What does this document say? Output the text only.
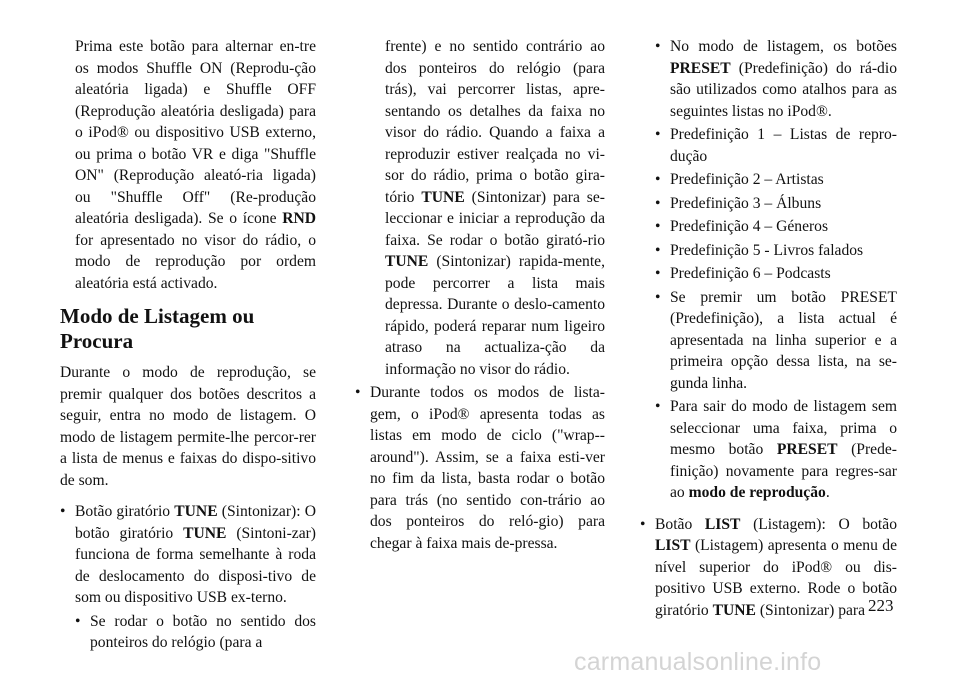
Prima este botão para alternar en-tre os modos Shuffle ON (Reprodu-ção aleatória ligada) e Shuffle OFF (Reprodução aleatória desligada) para o iPod® ou dispositivo USB externo, ou prima o botão VR e diga "Shuffle ON" (Reprodução aleató-ria ligada) ou "Shuffle Off" (Re-produção aleatória desligada). Se o ícone RND for apresentado no visor do rádio, o modo de reprodução por ordem aleatória está activado.

Modo de Listagem ou Procura

Durante o modo de reprodução, se premir qualquer dos botões descritos a seguir, entra no modo de listagem. O modo de listagem permite-lhe percor-rer a lista de menus e faixas do dispo-sitivo de som.

• Botão giratório TUNE (Sintonizar): O botão giratório TUNE (Sintoni-zar) funciona de forma semelhante à roda de deslocamento do disposi-tivo de som ou dispositivo USB ex-terno.

• Se rodar o botão no sentido dos ponteiros do relógio (para a

frente) e no sentido contrário ao dos ponteiros do relógio (para trás), vai percorrer listas, apre-sentando os detalhes da faixa no visor do rádio. Quando a faixa a reproduzir estiver realçada no vi-sor do rádio, prima o botão gira-tório TUNE (Sintonizar) para se-leccionar e iniciar a reprodução da faixa. Se rodar o botão girató-rio TUNE (Sintonizar) rapida-mente, pode percorrer a lista mais depressa. Durante o deslo-camento rápido, poderá reparar num ligeiro atraso na actualiza-ção da informação no visor do rádio.

• Durante todos os modos de lista-gem, o iPod® apresenta todas as listas em modo de ciclo ("wrap--around"). Assim, se a faixa esti-ver no fim da lista, basta rodar o botão para trás (no sentido con-trário ao dos ponteiros do reló-gio) para chegar à faixa mais de-pressa.

• No modo de listagem, os botões PRESET (Predefinição) do rá-dio são utilizados como atalhos para as seguintes listas no iPod®.

• Predefinição 1 – Listas de repro-dução

• Predefinição 2 – Artistas

• Predefinição 3 – Álbuns

• Predefinição 4 – Géneros

• Predefinição 5 - Livros falados

• Predefinição 6 – Podcasts

• Se premir um botão PRESET (Predefinição), a lista actual é apresentada na linha superior e a primeira opção dessa lista, na se-gunda linha.

• Para sair do modo de listagem sem seleccionar uma faixa, prima o mesmo botão PRESET (Prede-finição) novamente para regres-sar ao modo de reprodução.

• Botão LIST (Listagem): O botão LIST (Listagem) apresenta o menu de nível superior do iPod® ou dis-positivo USB externo. Rode o botão giratório TUNE (Sintonizar) para 223
carmanualsonline.info
